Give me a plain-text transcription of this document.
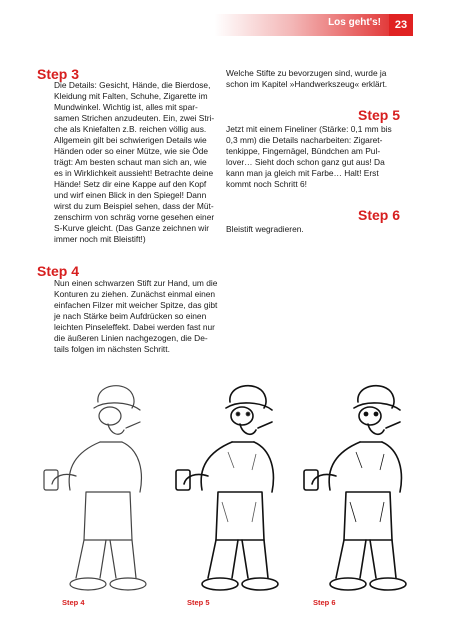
Los geht's!	23
Step 3
Die Details: Gesicht, Hände, die Bierdose,
Kleidung mit Falten, Schuhe, Zigarette im
Mundwinkel. Wichtig ist, alles mit spar-
samen Strichen anzudeuten. Ein, zwei Stri-
che als Kniefalten z.B. reichen völlig aus.
Allgemein gilt bei schwierigen Details wie
Händen oder so einer Mütze, wie sie Öde
trägt: Am besten schaut man sich an, wie
es in Wirklichkeit aussieht! Betrachte deine
Hände! Setz dir eine Kappe auf den Kopf
und wirf einen Blick in den Spiegel! Dann
wirst du zum Beispiel sehen, dass der Müt-
zenschirm von schräg vorne gesehen einer
S-Kurve gleicht. (Das Ganze zeichnen wir
immer noch mit Bleistift!)
Welche Stifte zu bevorzugen sind, wurde ja
schon im Kapitel »Handwerkszeug« erklärt.
Step 4
Nun einen schwarzen Stift zur Hand, um die
Konturen zu ziehen. Zunächst einmal einen
einfachen Filzer mit weicher Spitze, das gibt
je nach Stärke beim Aufdrücken so einen
leichten Pinseleffekt. Dabei werden fast nur
die äußeren Linien nachgezogen, die De-
tails folgen im nächsten Schritt.
Step 5
Jetzt mit einem Fineliner (Stärke: 0,1 mm bis
0,3 mm) die Details nacharbeiten: Zigaret-
tenkippe, Fingernägel, Bündchen am Pul-
lover… Sieht doch schon ganz gut aus! Da
kann man ja gleich mit Farbe… Halt! Erst
kommt noch Schritt 6!
Step 6
Bleistift wegradieren.
Step 4	Step 5	Step 6
